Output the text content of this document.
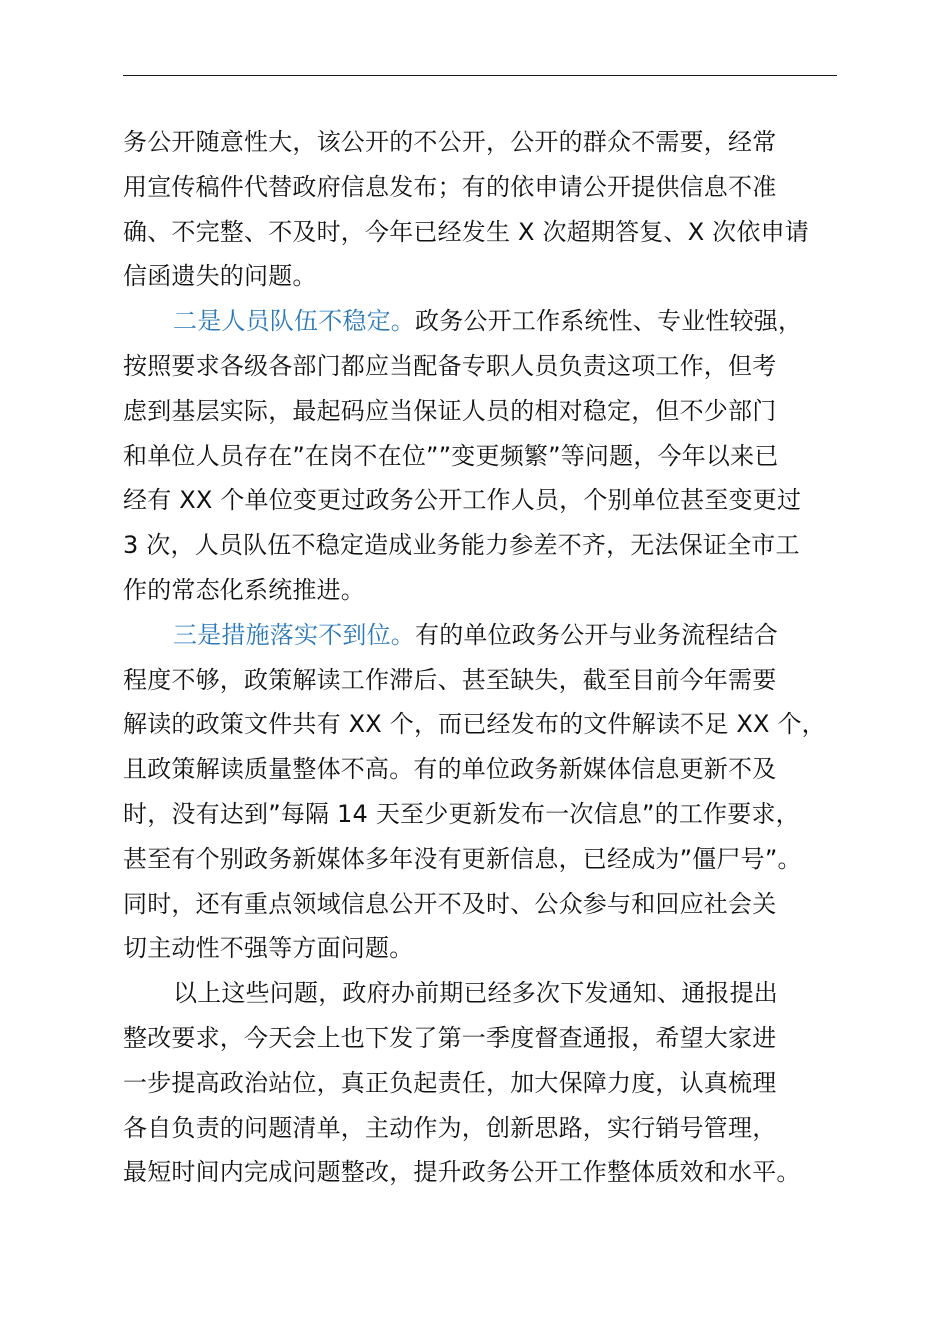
务公开随意性大，该公开的不公开，公开的群众不需要，经常
用宣传稿件代替政府信息发布；有的依申请公开提供信息不准
确、不完整、不及时，今年已经发生 X 次超期答复、X 次依申请
信函遗失的问题。
二是人员队伍不稳定。政务公开工作系统性、专业性较强，
按照要求各级各部门都应当配备专职人员负责这项工作，但考
虑到基层实际，最起码应当保证人员的相对稳定，但不少部门
和单位人员存在”在岗不在位””变更频繁”等问题，今年以来已
经有 XX 个单位变更过政务公开工作人员，个别单位甚至变更过
3 次，人员队伍不稳定造成业务能力参差不齐，无法保证全市工
作的常态化系统推进。
三是措施落实不到位。有的单位政务公开与业务流程结合
程度不够，政策解读工作滞后、甚至缺失，截至目前今年需要
解读的政策文件共有 XX 个，而已经发布的文件解读不足 XX 个，
且政策解读质量整体不高。有的单位政务新媒体信息更新不及
时，没有达到”每隔 14 天至少更新发布一次信息”的工作要求，
甚至有个别政务新媒体多年没有更新信息，已经成为”僵尸号”。
同时，还有重点领域信息公开不及时、公众参与和回应社会关
切主动性不强等方面问题。
以上这些问题，政府办前期已经多次下发通知、通报提出
整改要求，今天会上也下发了第一季度督查通报，希望大家进
一步提高政治站位，真正负起责任，加大保障力度，认真梳理
各自负责的问题清单，主动作为，创新思路，实行销号管理，
最短时间内完成问题整改，提升政务公开工作整体质效和水平。
